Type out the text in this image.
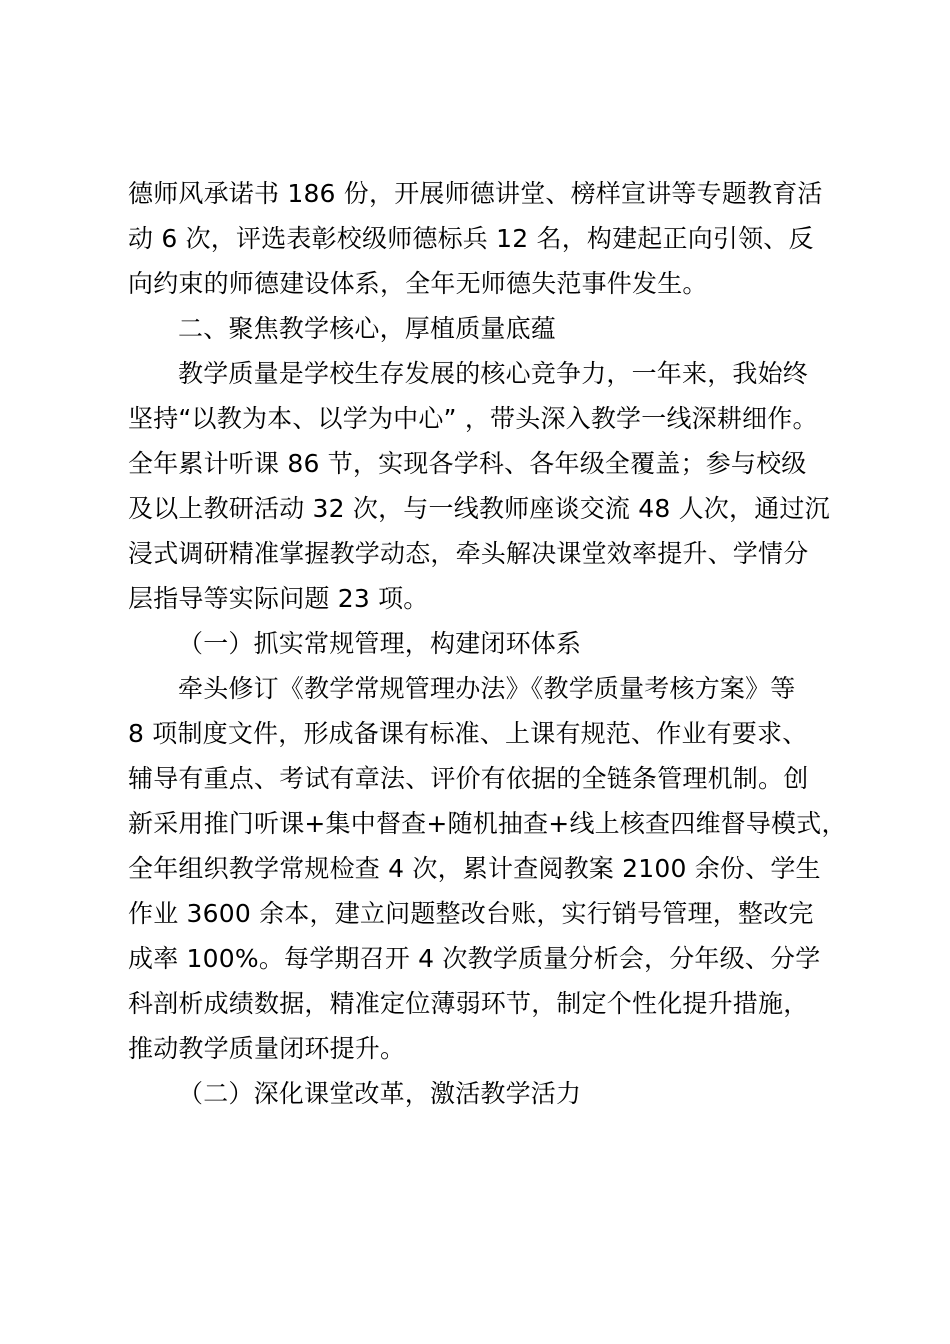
德师风承诺书 186 份，开展师德讲堂、榜样宣讲等专题教育活
动 6 次，评选表彰校级师德标兵 12 名，构建起正向引领、反
向约束的师德建设体系，全年无师德失范事件发生。
二、聚焦教学核心，厚植质量底蕴
教学质量是学校生存发展的核心竞争力，一年来，我始终
坚持“以教为本、以学为中心” ，带头深入教学一线深耕细作。
全年累计听课 86 节，实现各学科、各年级全覆盖；参与校级
及以上教研活动 32 次，与一线教师座谈交流 48 人次，通过沉
浸式调研精准掌握教学动态，牵头解决课堂效率提升、学情分
层指导等实际问题 23 项。
（一）抓实常规管理，构建闭环体系
牵头修订《教学常规管理办法》《教学质量考核方案》等
8 项制度文件，形成备课有标准、上课有规范、作业有要求、
辅导有重点、考试有章法、评价有依据的全链条管理机制。创
新采用推门听课+集中督查+随机抽查+线上核查四维督导模式，
全年组织教学常规检查 4 次，累计查阅教案 2100 余份、学生
作业 3600 余本，建立问题整改台账，实行销号管理，整改完
成率 100%。每学期召开 4 次教学质量分析会，分年级、分学
科剖析成绩数据，精准定位薄弱环节，制定个性化提升措施，
推动教学质量闭环提升。
（二）深化课堂改革，激活教学活力
